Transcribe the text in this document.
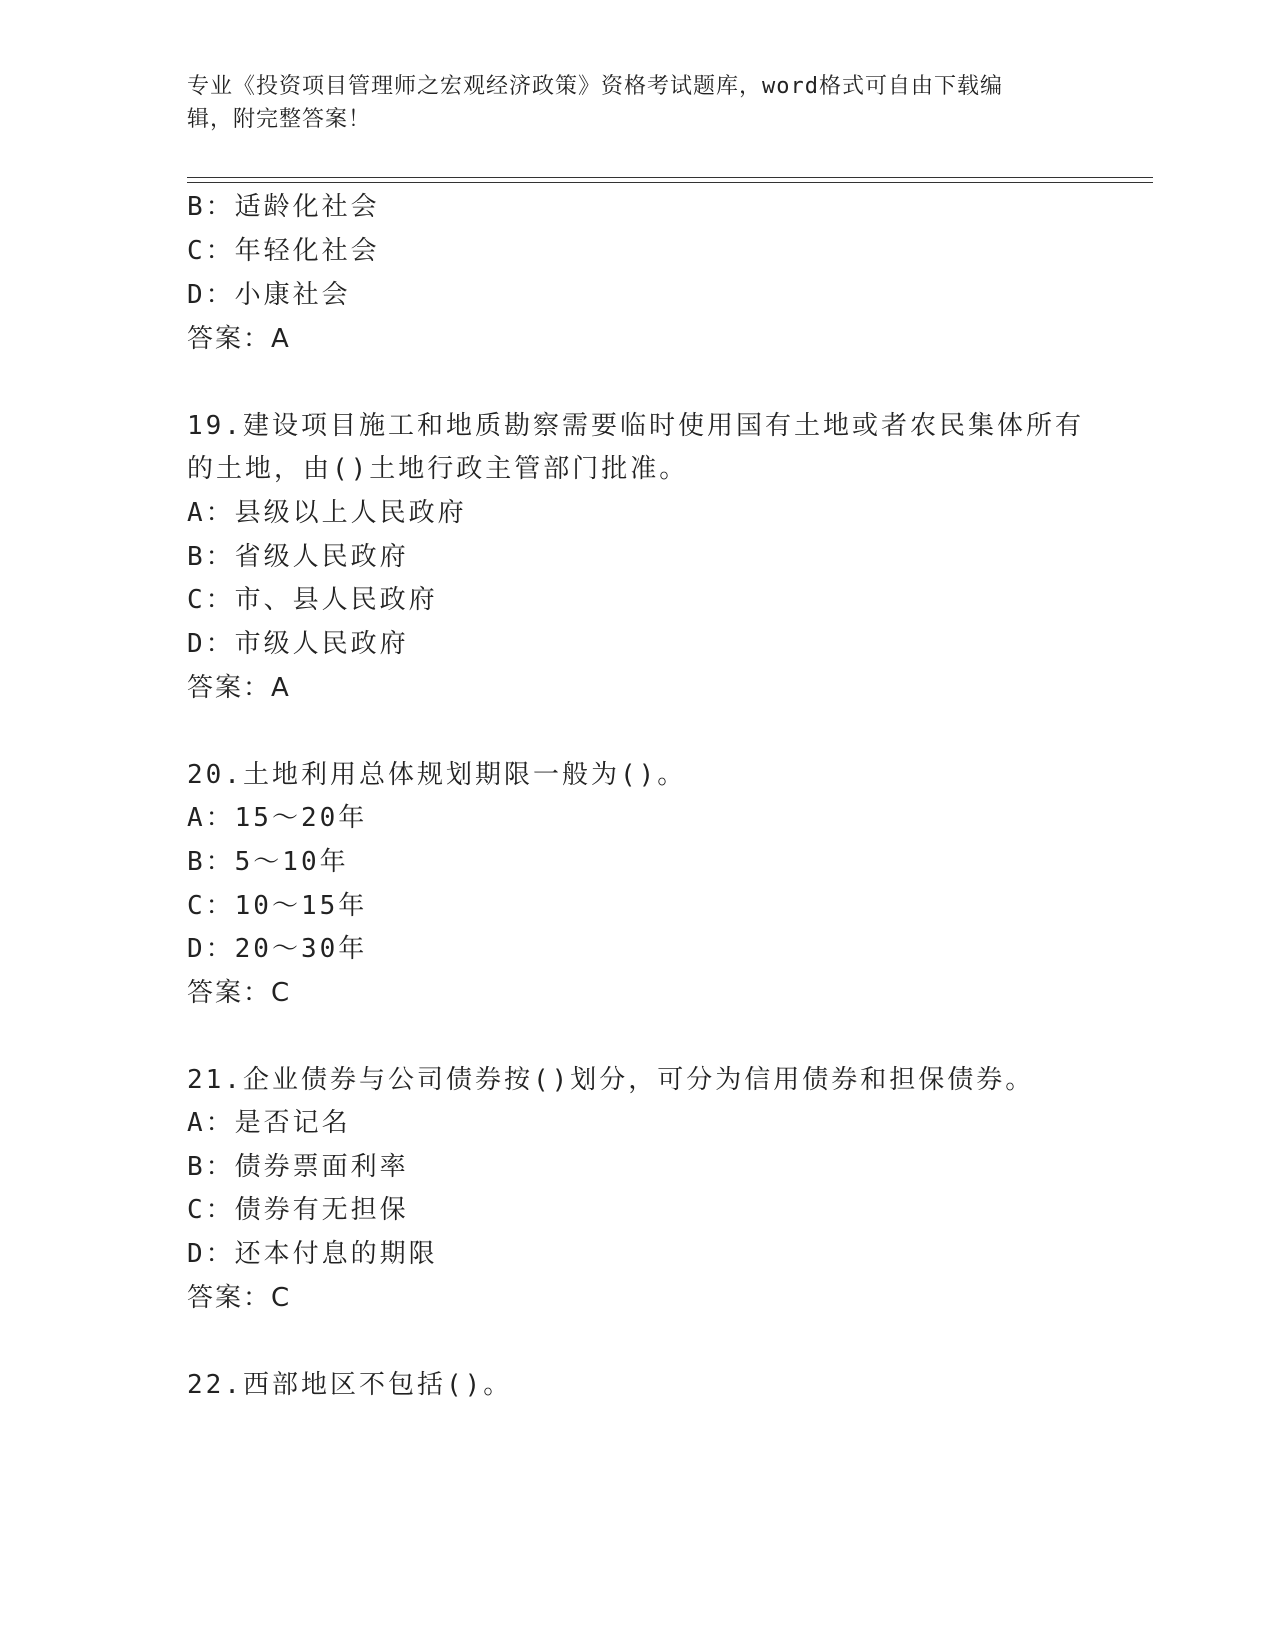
专业《投资项目管理师之宏观经济政策》资格考试题库，word格式可自由下载编
辑，附完整答案！
B：适龄化社会
C：年轻化社会
D：小康社会
答案：A
19.建设项目施工和地质勘察需要临时使用国有土地或者农民集体所有
的土地，由()土地行政主管部门批准。
A：县级以上人民政府
B：省级人民政府
C：市、县人民政府
D：市级人民政府
答案：A
20.土地利用总体规划期限一般为()。
A：15～20年
B：5～10年
C：10～15年
D：20～30年
答案：C
21.企业债券与公司债券按()划分，可分为信用债券和担保债券。
A：是否记名
B：债券票面利率
C：债券有无担保
D：还本付息的期限
答案：C
22.西部地区不包括()。
